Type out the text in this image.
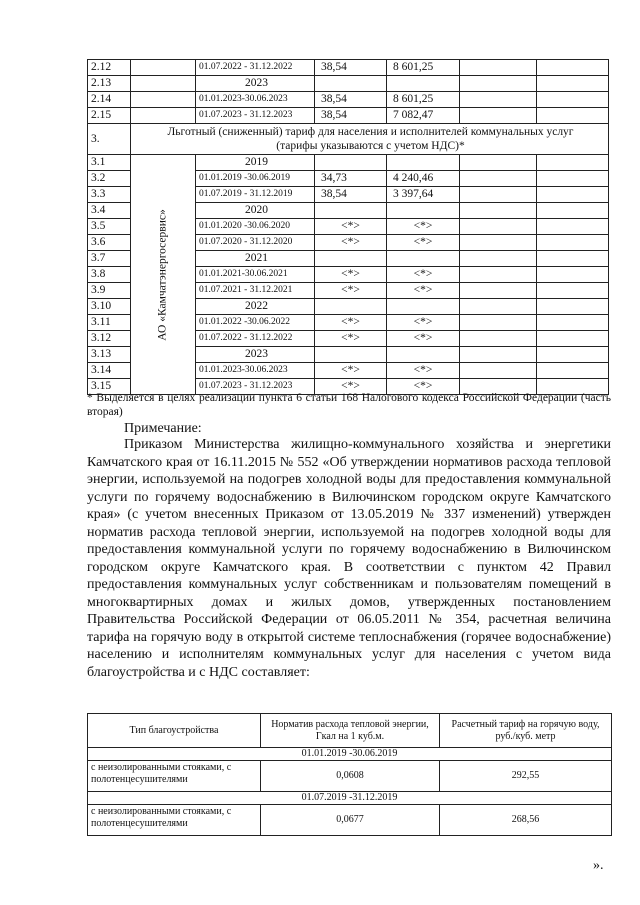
2.12		01.07.2022 - 31.12.2022	38,54	8 601,25		
2.13		2023				
2.14		01.01.2023-30.06.2023	38,54	8 601,25		
2.15		01.07.2023 - 31.12.2023	38,54	7 082,47		
3.	Льготный (сниженный) тариф для населения и исполнителей коммунальных услуг
(тарифы указываются с учетом НДС)*					

3.1	АО «Камчатэнергосервис»	2019				
3.2		01.01.2019 -30.06.2019	34,73	4 240,46		
3.3		01.07.2019 - 31.12.2019	38,54	3 397,64		
3.4		2020				
3.5		01.01.2020 -30.06.2020	<*>	<*>		
3.6		01.07.2020 - 31.12.2020	<*>	<*>		
3.7		2021				
3.8		01.01.2021-30.06.2021	<*>	<*>		
3.9		01.07.2021 - 31.12.2021	<*>	<*>		
3.10		2022				
3.11		01.01.2022 -30.06.2022	<*>	<*>		
3.12		01.07.2022 - 31.12.2022	<*>	<*>		
3.13		2023				
3.14		01.01.2023-30.06.2023	<*>	<*>		
3.15		01.07.2023 - 31.12.2023	<*>	<*>		
* Выделяется в целях реализации пункта 6 статьи 168 Налогового кодекса Российской Федерации (часть вторая)
Примечание:
Приказом Министерства жилищно-коммунального хозяйства и энергетики Камчатского края от 16.11.2015 № 552 «Об утверждении нормативов расхода тепловой энергии, используемой на подогрев холодной воды для предоставления коммунальной услуги по горячему водоснабжению в Вилючинском городском округе Камчатского края» (с учетом внесенных Приказом от 13.05.2019 № 337 изменений) утвержден норматив расхода тепловой энергии, используемой на подогрев холодной воды для предоставления коммунальной услуги по горячему водоснабжению в Вилючинском городском округе Камчатского края. В соответствии с пунктом 42 Правил предоставления коммунальных услуг собственникам и пользователям помещений в многоквартирных домах и жилых домов, утвержденных постановлением Правительства Российской Федерации от 06.05.2011 № 354, расчетная величина тарифа на горячую воду в открытой системе теплоснабжения (горячее водоснабжение) населению и исполнителям коммунальных услуг для населения с учетом вида благоустройства и с НДС составляет:
Тип благоустройства	Норматив расхода тепловой энергии, Гкал на 1 куб.м.	Расчетный тариф на горячую воду, руб./куб. метр
01.01.2019 -30.06.2019		
с неизолированными стояками, с полотенцесушителями	0,0608	292,55
01.07.2019 -31.12.2019		
с неизолированными стояками, с полотенцесушителями	0,0677	268,56
».
